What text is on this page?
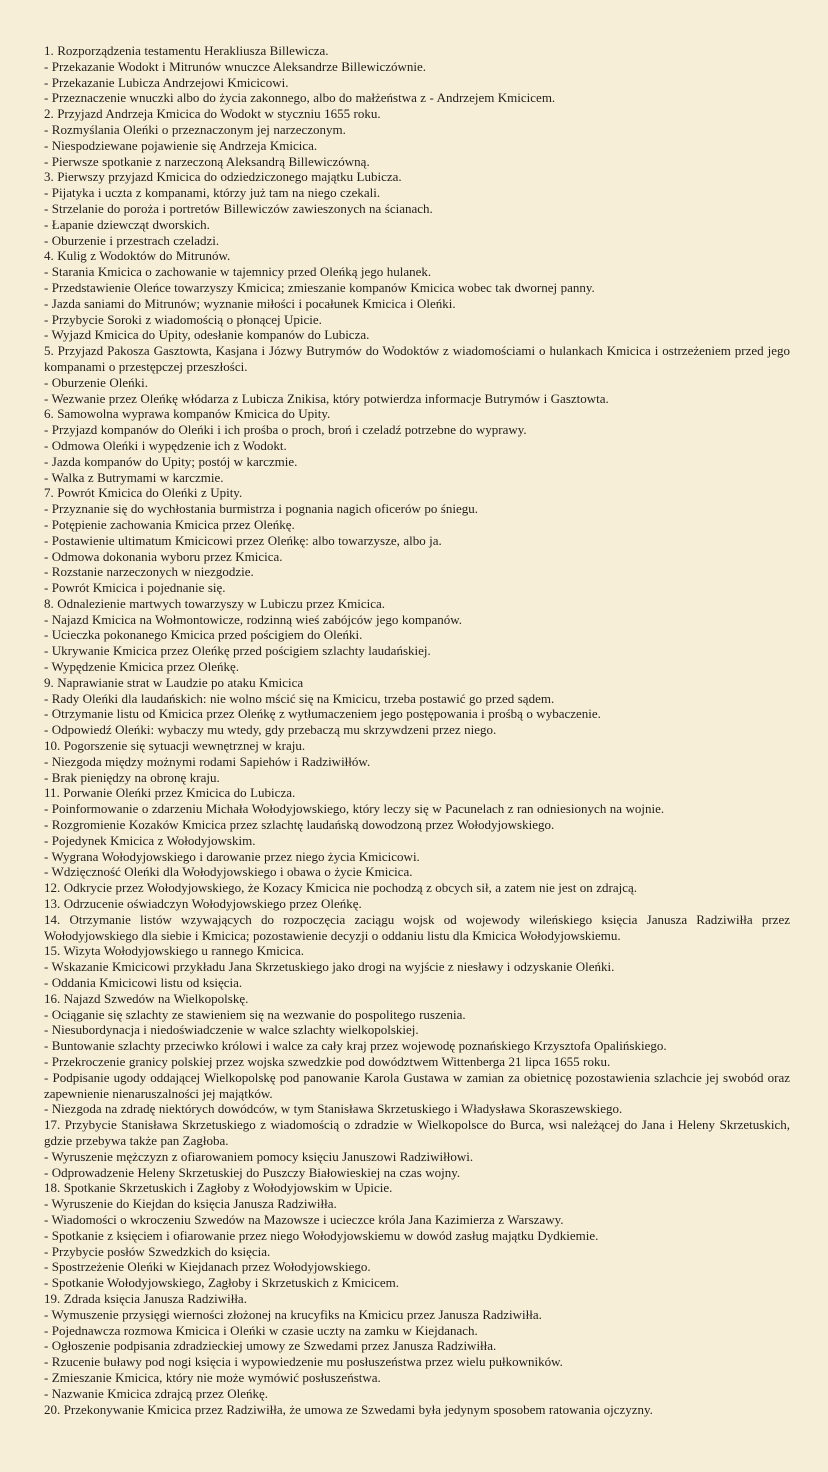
1. Rozporządzenia testamentu Herakliusza Billewicza.
- Przekazanie Wodokt i Mitrunów wnuczce Aleksandrze Billewiczównie.
- Przekazanie Lubicza Andrzejowi Kmicicowi.
- Przeznaczenie wnuczki albo do życia zakonnego, albo do małżeństwa z - Andrzejem Kmicicem.
2. Przyjazd Andrzeja Kmicica do Wodokt w styczniu 1655 roku.
- Rozmyślania Oleńki o przeznaczonym jej narzeczonym.
- Niespodziewane pojawienie się Andrzeja Kmicica.
- Pierwsze spotkanie z narzeczoną Aleksandrą Billewiczówną.
3. Pierwszy przyjazd Kmicica do odziedziczonego majątku Lubicza.
- Pijatyka i uczta z kompanami, którzy już tam na niego czekali.
- Strzelanie do poroża i portretów Billewiczów zawieszonych na ścianach.
- Łapanie dziewcząt dworskich.
- Oburzenie i przestrach czeladzi.
4. Kulig z Wodoktów do Mitrunów.
- Starania Kmicica o zachowanie w tajemnicy przed Oleńką jego hulanek.
- Przedstawienie Oleńce towarzyszy Kmicica; zmieszanie kompanów Kmicica wobec tak dwornej panny.
- Jazda saniami do Mitrunów; wyznanie miłości i pocałunek Kmicica i Oleńki.
- Przybycie Soroki z wiadomością o płonącej Upicie.
- Wyjazd Kmicica do Upity, odesłanie kompanów do Lubicza.
5. Przyjazd Pakosza Gasztowta, Kasjana i Józwy Butrymów do Wodoktów z wiadomościami o hulankach Kmicica i ostrzeżeniem przed jego kompanami o przestępczej przeszłości.
- Oburzenie Oleńki.
- Wezwanie przez Oleńkę włódarza z Lubicza Znikisa, który potwierdza informacje Butrymów i Gasztowta.
6. Samowolna wyprawa kompanów Kmicica do Upity.
- Przyjazd kompanów do Oleńki i ich prośba o proch, broń i czeladź potrzebne do wyprawy.
- Odmowa Oleńki i wypędzenie ich z Wodokt.
- Jazda kompanów do Upity; postój w karczmie.
- Walka z Butrymami w karczmie.
7. Powrót Kmicica do Oleńki z Upity.
- Przyznanie się do wychłostania burmistrza i pognania nagich oficerów po śniegu.
- Potępienie zachowania Kmicica przez Oleńkę.
- Postawienie ultimatum Kmicicowi przez Oleńkę: albo towarzysze, albo ja.
- Odmowa dokonania wyboru przez Kmicica.
- Rozstanie narzeczonych w niezgodzie.
- Powrót Kmicica i pojednanie się.
8. Odnalezienie martwych towarzyszy w Lubiczu przez Kmicica.
- Najazd Kmicica na Wołmontowicze, rodzinną wieś zabójców jego kompanów.
- Ucieczka pokonanego Kmicica przed pościgiem do Oleńki.
- Ukrywanie Kmicica przez Oleńkę przed pościgiem szlachty laudańskiej.
- Wypędzenie Kmicica przez Oleńkę.
9. Naprawianie strat w Laudzie po ataku Kmicica
- Rady Oleńki dla laudańskich: nie wolno mścić się na Kmicicu, trzeba postawić go przed sądem.
- Otrzymanie listu od Kmicica przez Oleńkę z wytłumaczeniem jego postępowania i prośbą o wybaczenie.
- Odpowiedź Oleńki: wybaczy mu wtedy, gdy przebaczą mu skrzywdzeni przez niego.
10. Pogorszenie się sytuacji wewnętrznej w kraju.
- Niezgoda między możnymi rodami Sapiehów i Radziwiłłów.
- Brak pieniędzy na obronę kraju.
11. Porwanie Oleńki przez Kmicica do Lubicza.
- Poinformowanie o zdarzeniu Michała Wołodyjowskiego, który leczy się w Pacunelach z ran odniesionych na wojnie.
- Rozgromienie Kozaków Kmicica przez szlachtę laudańską dowodzoną przez Wołodyjowskiego.
- Pojedynek Kmicica z Wołodyjowskim.
- Wygrana Wołodyjowskiego i darowanie przez niego życia Kmicicowi.
- Wdzięczność Oleńki dla Wołodyjowskiego i obawa o życie Kmicica.
12. Odkrycie przez Wołodyjowskiego, że Kozacy Kmicica nie pochodzą z obcych sił, a zatem nie jest on zdrajcą.
13. Odrzucenie oświadczyn Wołodyjowskiego przez Oleńkę.
14. Otrzymanie listów wzywających do rozpoczęcia zaciągu wojsk od wojewody wileńskiego księcia Janusza Radziwiłła przez Wołodyjowskiego dla siebie i Kmicica; pozostawienie decyzji o oddaniu listu dla Kmicica Wołodyjowskiemu.
15. Wizyta Wołodyjowskiego u rannego Kmicica.
- Wskazanie Kmicicowi przykładu Jana Skrzetuskiego jako drogi na wyjście z niesławy i odzyskanie Oleńki.
- Oddania Kmicicowi listu od księcia.
16. Najazd Szwedów na Wielkopolskę.
- Ociąganie się szlachty ze stawieniem się na wezwanie do pospolitego ruszenia.
- Niesubordynacja i niedoświadczenie w walce szlachty wielkopolskiej.
- Buntowanie szlachty przeciwko królowi i walce za cały kraj przez wojewodę poznańskiego Krzysztofa Opalińskiego.
- Przekroczenie granicy polskiej przez wojska szwedzkie pod dowództwem Wittenberga 21 lipca 1655 roku.
- Podpisanie ugody oddającej Wielkopolskę pod panowanie Karola Gustawa w zamian za obietnicę pozostawienia szlachcie jej swobód oraz zapewnienie nienaruszalności jej majątków.
- Niezgoda na zdradę niektórych dowódców, w tym Stanisława Skrzetuskiego i Władysława Skoraszewskiego.
17. Przybycie Stanisława Skrzetuskiego z wiadomością o zdradzie w Wielkopolsce do Burca, wsi należącej do Jana i Heleny Skrzetuskich, gdzie przebywa także pan Zagłoba.
- Wyruszenie mężczyzn z ofiarowaniem pomocy księciu Januszowi Radziwiłłowi.
- Odprowadzenie Heleny Skrzetuskiej do Puszczy Białowieskiej na czas wojny.
18. Spotkanie Skrzetuskich i Zagłoby z Wołodyjowskim w Upicie.
- Wyruszenie do Kiejdan do księcia Janusza Radziwiłła.
- Wiadomości o wkroczeniu Szwedów na Mazowsze i ucieczce króla Jana Kazimierza z Warszawy.
- Spotkanie z księciem i ofiarowanie przez niego Wołodyjowskiemu w dowód zasług majątku Dydkiemie.
- Przybycie posłów Szwedzkich do księcia.
- Spostrzeżenie Oleńki w Kiejdanach przez Wołodyjowskiego.
- Spotkanie Wołodyjowskiego, Zagłoby i Skrzetuskich z Kmicicem.
19. Zdrada księcia Janusza Radziwiłła.
- Wymuszenie przysięgi wierności złożonej na krucyfiks na Kmicicu przez Janusza Radziwiłła.
- Pojednawcza rozmowa Kmicica i Oleńki w czasie uczty na zamku w Kiejdanach.
- Ogłoszenie podpisania zdradzieckiej umowy ze Szwedami przez Janusza Radziwiłła.
- Rzucenie buławy pod nogi księcia i wypowiedzenie mu posłuszeństwa przez wielu pułkowników.
- Zmieszanie Kmicica, który nie może wymówić posłuszeństwa.
- Nazwanie Kmicica zdrajcą przez Oleńkę.
20. Przekonywanie Kmicica przez Radziwiłła, że umowa ze Szwedami była jedynym sposobem ratowania ojczyzny.
